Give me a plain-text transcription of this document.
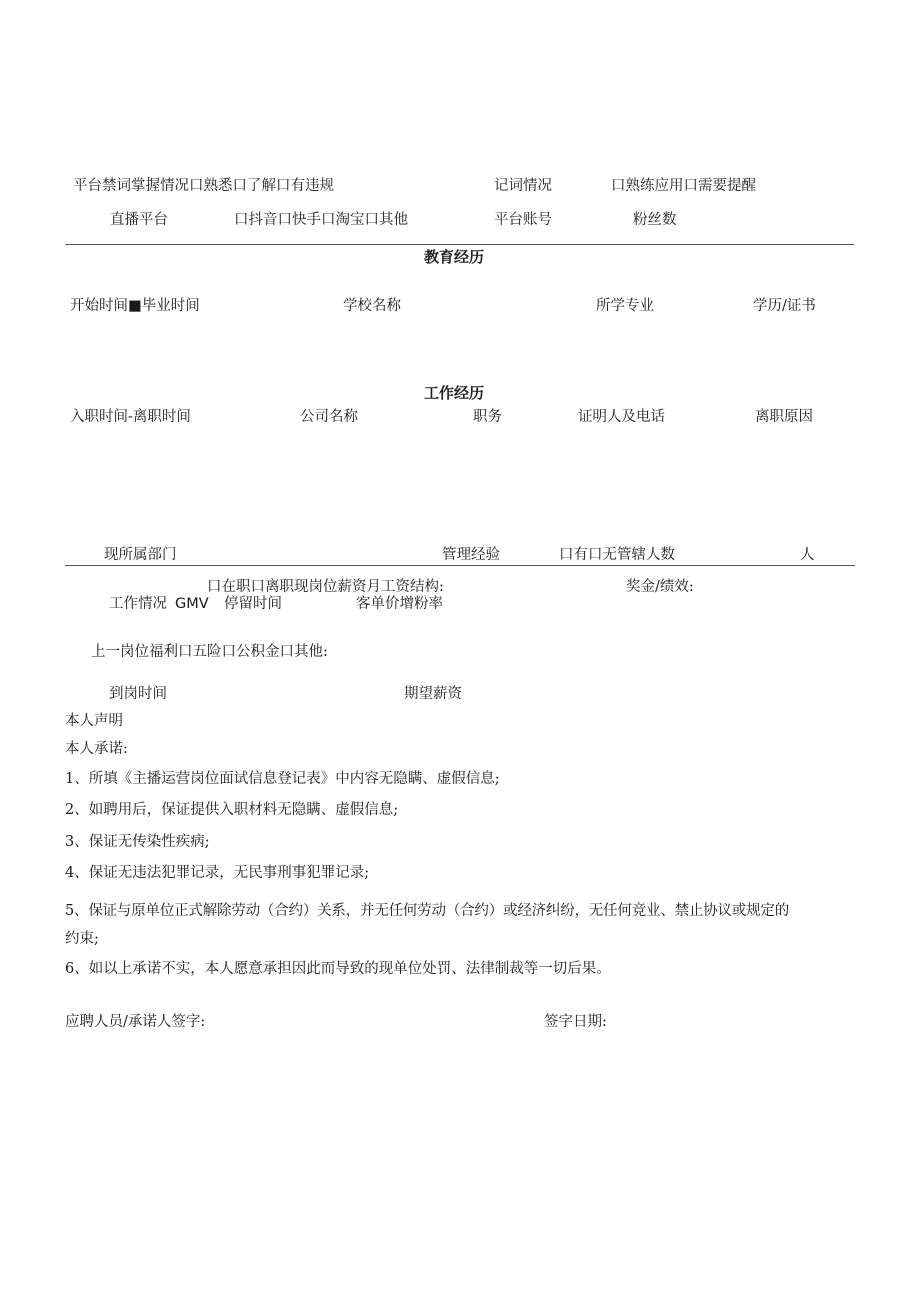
平台禁词掌握情况口熟悉口了解口有违规	记词情况	口熟练应用口需要提醒
直播平台	口抖音口快手口淘宝口其他	平台账号	粉丝数
教育经历
开始时间■毕业时间	学校名称	所学专业	学历/证书
工作经历
入职时间-离职时间	公司名称	职务	证明人及电话	离职原因
现所属部门	管理经验	口有口无管辖人数	人
口在职口离职现岗位薪资月工资结构:	奖金/绩效:
工作情况 GMV 停留时间	客单价增粉率
上一岗位福利口五险口公积金口其他:
到岗时间	期望薪资
本人声明
本人承诺:
1、所填《主播运营岗位面试信息登记表》中内容无隐瞒、虚假信息;
2、如聘用后，保证提供入职材料无隐瞒、虚假信息;
3、保证无传染性疾病;
4、保证无违法犯罪记录，无民事刑事犯罪记录;
5、保证与原单位正式解除劳动（合约）关系，并无任何劳动（合约）或经济纠纷，无任何竞业、禁止协议或规定的
约束;
6、如以上承诺不实，本人愿意承担因此而导致的现单位处罚、法律制裁等一切后果。
应聘人员/承诺人签字:	签字日期:
